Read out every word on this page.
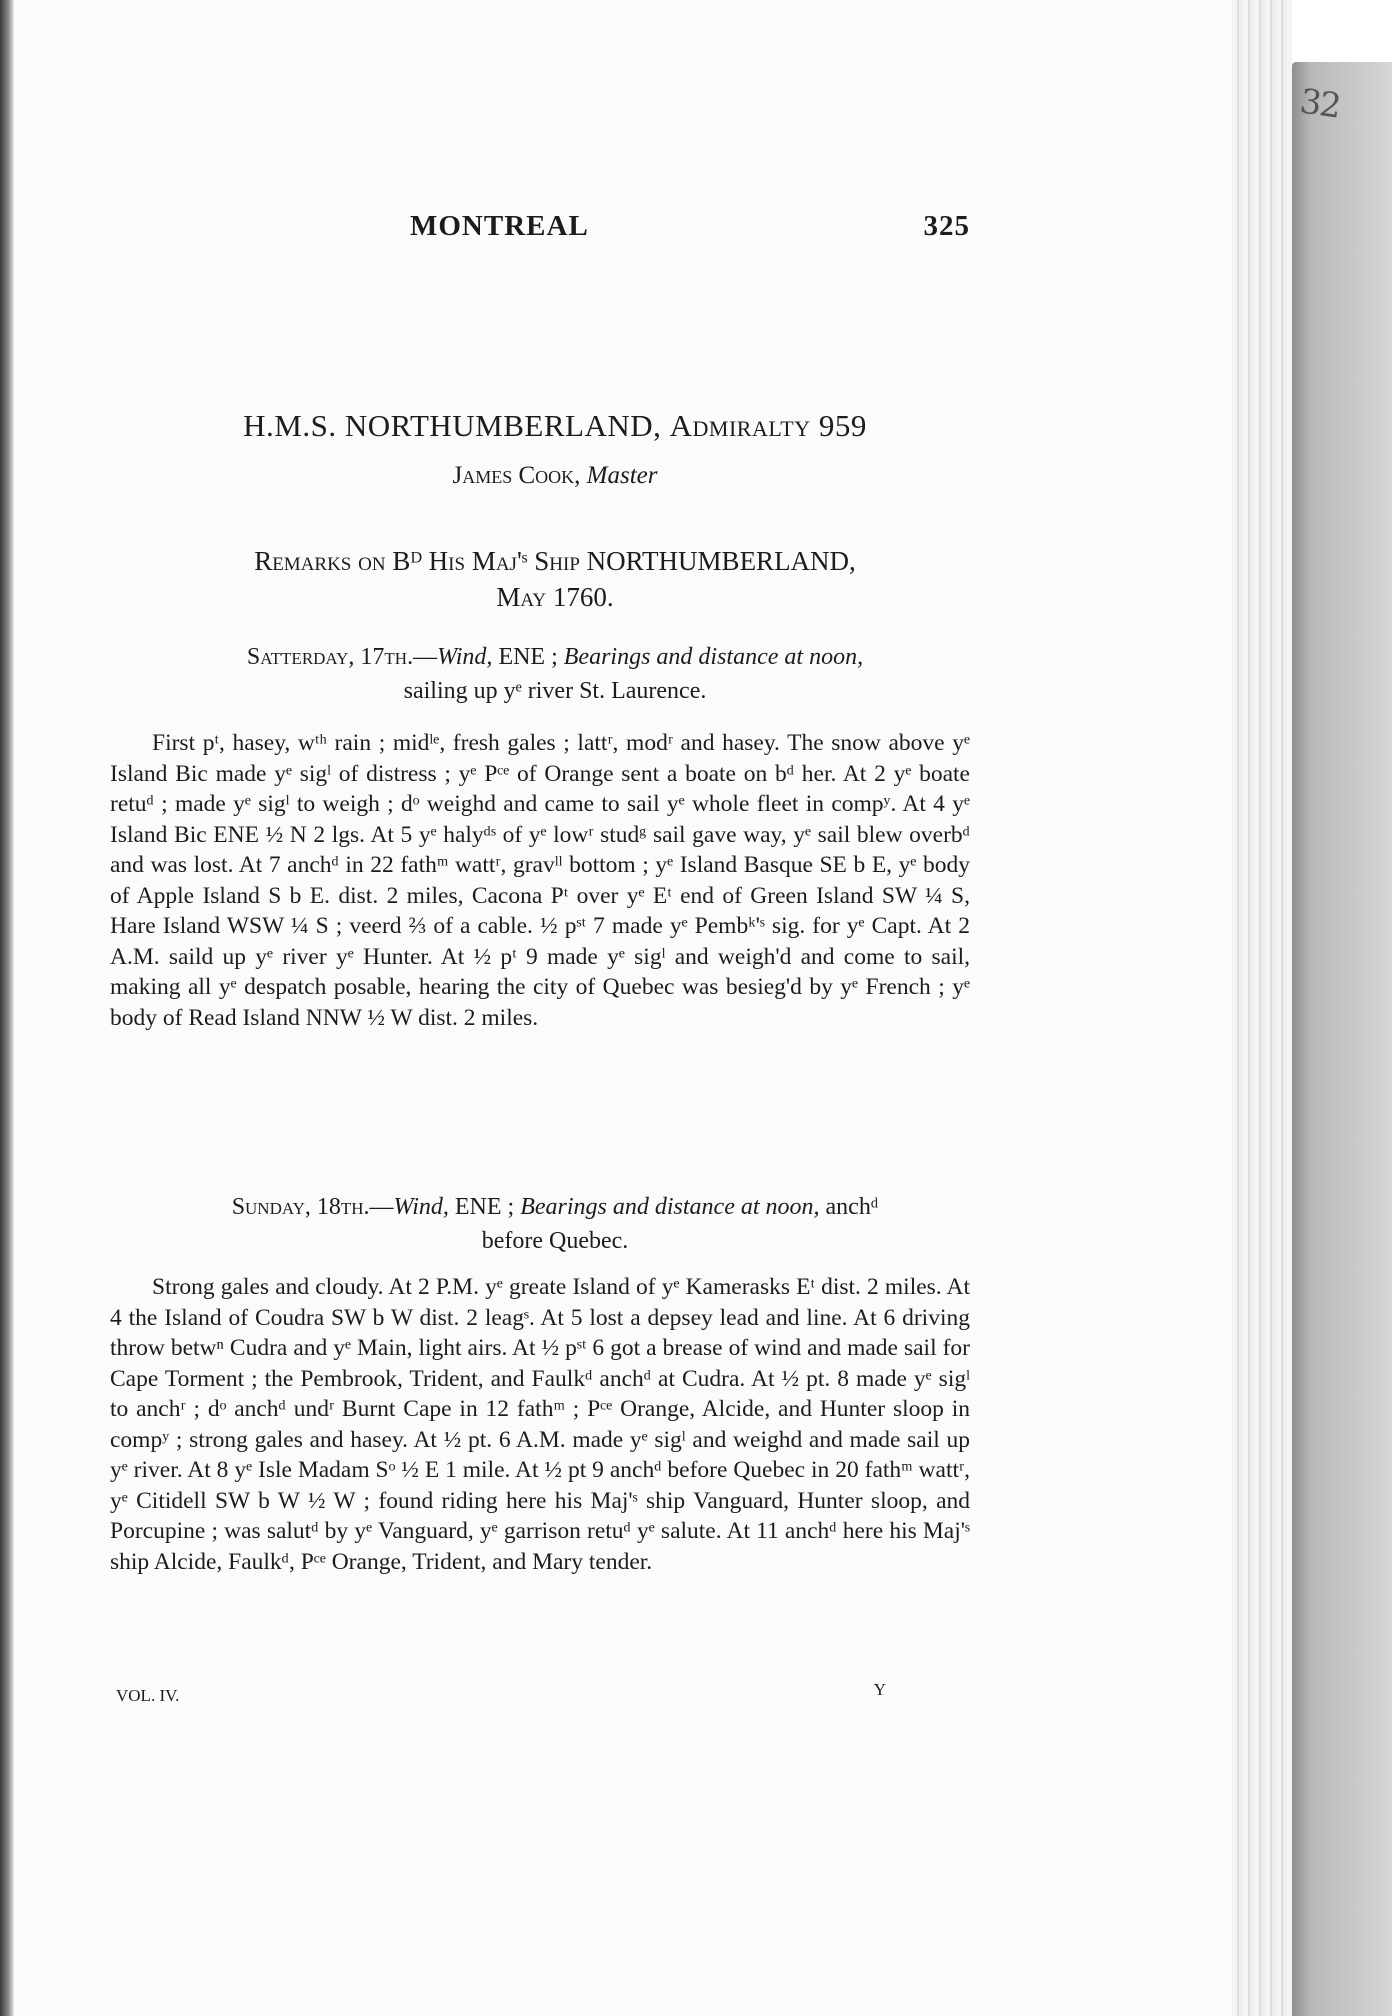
32
MONTREAL	325
H.M.S. NORTHUMBERLAND, Admiralty 959
James Cook, Master
Remarks on Bᴰ His Maj'ˢ Ship NORTHUMBERLAND,
May 1760.
Satterday, 17th.—Wind, ENE ; Bearings and distance at noon,
sailing up yᵉ river St. Laurence.
First pᵗ, hasey, wᵗʰ rain ; midˡᵉ, fresh gales ; lattʳ, modʳ and hasey. The snow above yᵉ Island Bic made yᵉ sigˡ of distress ; yᵉ Pᶜᵉ of Orange sent a boate on bᵈ her. At 2 yᵉ boate retuᵈ ; made yᵉ sigˡ to weigh ; dᵒ weighd and came to sail yᵉ whole fleet in compʸ. At 4 yᵉ Island Bic ENE ½ N 2 lgs. At 5 yᵉ halyᵈˢ of yᵉ lowʳ studᵍ sail gave way, yᵉ sail blew overbᵈ and was lost. At 7 anchᵈ in 22 fathᵐ wattʳ, gravˡˡ bottom ; yᵉ Island Basque SE b E, yᵉ body of Apple Island S b E. dist. 2 miles, Cacona Pᵗ over yᵉ Eᵗ end of Green Island SW ¼ S, Hare Island WSW ¼ S ; veerd ⅔ of a cable. ½ pˢᵗ 7 made yᵉ Pembᵏ'ˢ sig. for yᵉ Capt. At 2 A.M. saild up yᵉ river yᵉ Hunter. At ½ pᵗ 9 made yᵉ sigˡ and weigh'd and come to sail, making all yᵉ despatch posable, hearing the city of Quebec was besieg'd by yᵉ French ; yᵉ body of Read Island NNW ½ W dist. 2 miles.
Sunday, 18th.—Wind, ENE ; Bearings and distance at noon, anchᵈ
before Quebec.
Strong gales and cloudy. At 2 P.M. yᵉ greate Island of yᵉ Kamerasks Eᵗ dist. 2 miles. At 4 the Island of Coudra SW b W dist. 2 leagˢ. At 5 lost a depsey lead and line. At 6 driving throw betwⁿ Cudra and yᵉ Main, light airs. At ½ pˢᵗ 6 got a brease of wind and made sail for Cape Torment ; the Pembrook, Trident, and Faulkᵈ anchᵈ at Cudra. At ½ pt. 8 made yᵉ sigˡ to anchʳ ; dᵒ anchᵈ undʳ Burnt Cape in 12 fathᵐ ; Pᶜᵉ Orange, Alcide, and Hunter sloop in compʸ ; strong gales and hasey. At ½ pt. 6 A.M. made yᵉ sigˡ and weighd and made sail up yᵉ river. At 8 yᵉ Isle Madam Sᵒ ½ E 1 mile. At ½ pt 9 anchᵈ before Quebec in 20 fathᵐ wattʳ, yᵉ Citidell SW b W ½ W ; found riding here his Maj'ˢ ship Vanguard, Hunter sloop, and Porcupine ; was salutᵈ by yᵉ Vanguard, yᵉ garrison retuᵈ yᵉ salute. At 11 anchᵈ here his Maj'ˢ ship Alcide, Faulkᵈ, Pᶜᵉ Orange, Trident, and Mary tender.
VOL. IV.	Y
